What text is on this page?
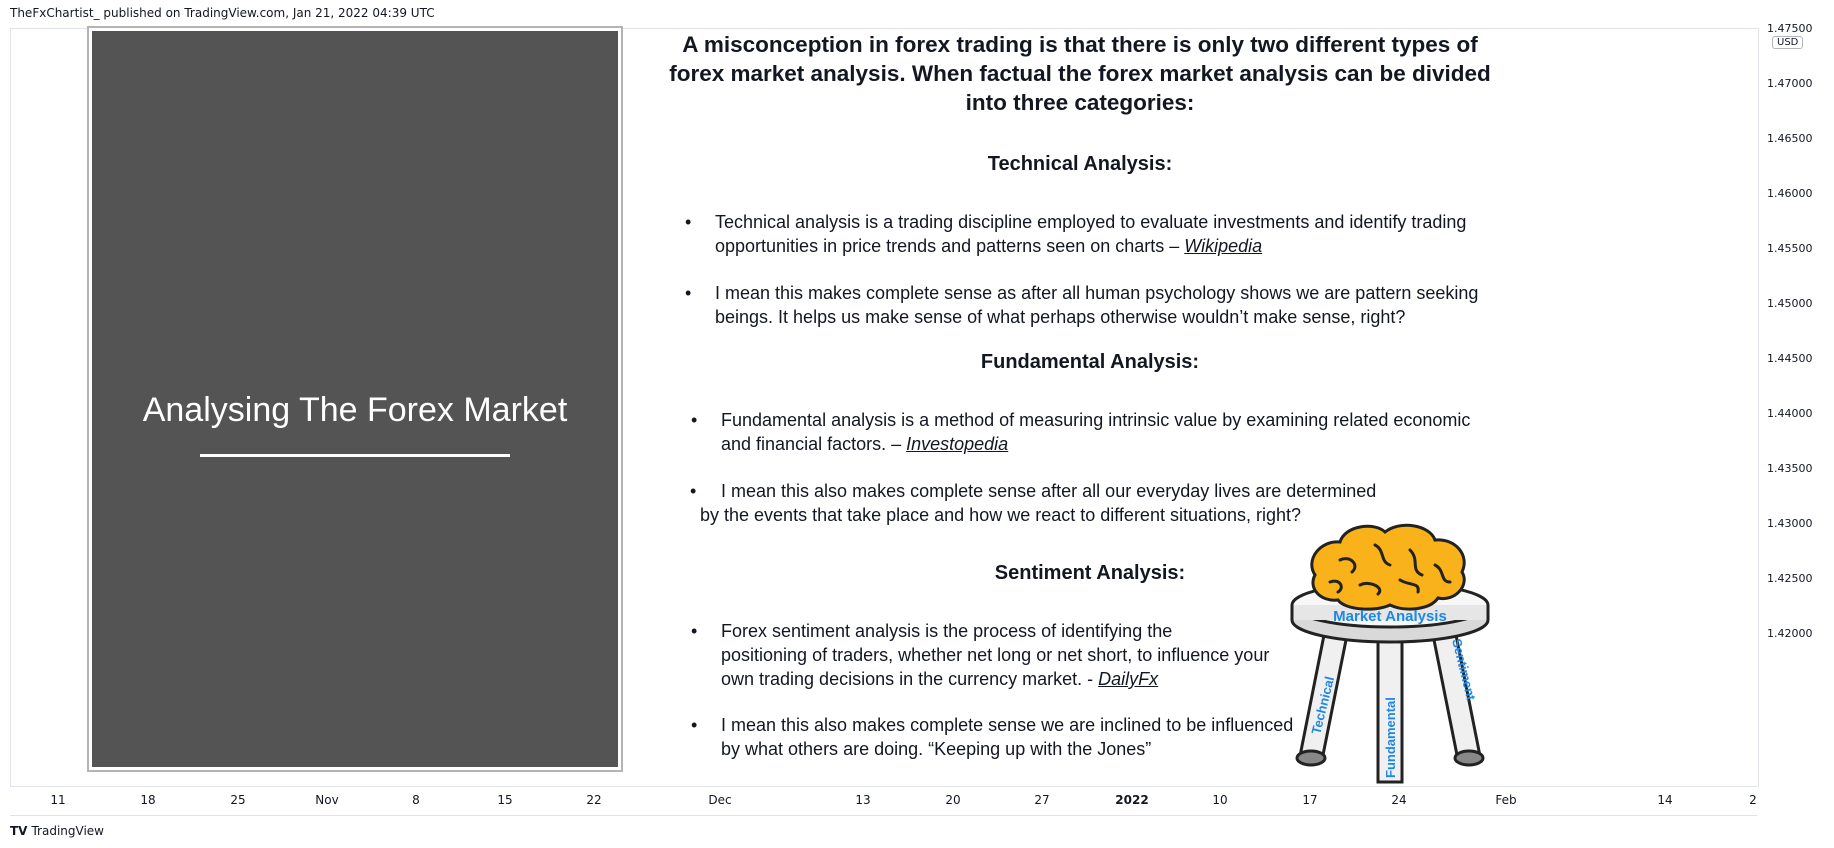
TheFxChartist_ published on TradingView.com, Jan 21, 2022 04:39 UTC
1.47500
1.47000
1.46500
1.46000
1.45500
1.45000
1.44500
1.44000
1.43500
1.43000
1.42500
1.42000
USD
11	18	25	Nov	8	15	22	Dec	13	20	27	2022	10	17	24	Feb	14	2
TV TradingView
Analysing The Forex Market

A misconception in forex trading is that there is only two different types of forex market analysis. When factual the forex market analysis can be divided into three categories:

Technical Analysis:
• Technical analysis is a trading discipline employed to evaluate investments and identify trading opportunities in price trends and patterns seen on charts – Wikipedia
• I mean this makes complete sense as after all human psychology shows we are pattern seeking beings. It helps us make sense of what perhaps otherwise wouldn’t make sense, right?
Fundamental Analysis:
• Fundamental analysis is a method of measuring intrinsic value by examining related economic and financial factors. – Investopedia
• I mean this also makes complete sense after all our everyday lives are determined
by the events that take place and how we react to different situations, right?
Sentiment Analysis:
• Forex sentiment analysis is the process of identifying the
positioning of traders, whether net long or net short, to influence your
own trading decisions in the currency market. - DailyFx
• I mean this also makes complete sense we are inclined to be influenced
by what others are doing. “Keeping up with the Jones”
Market Analysis
Technical	Fundamental
Sentiment
